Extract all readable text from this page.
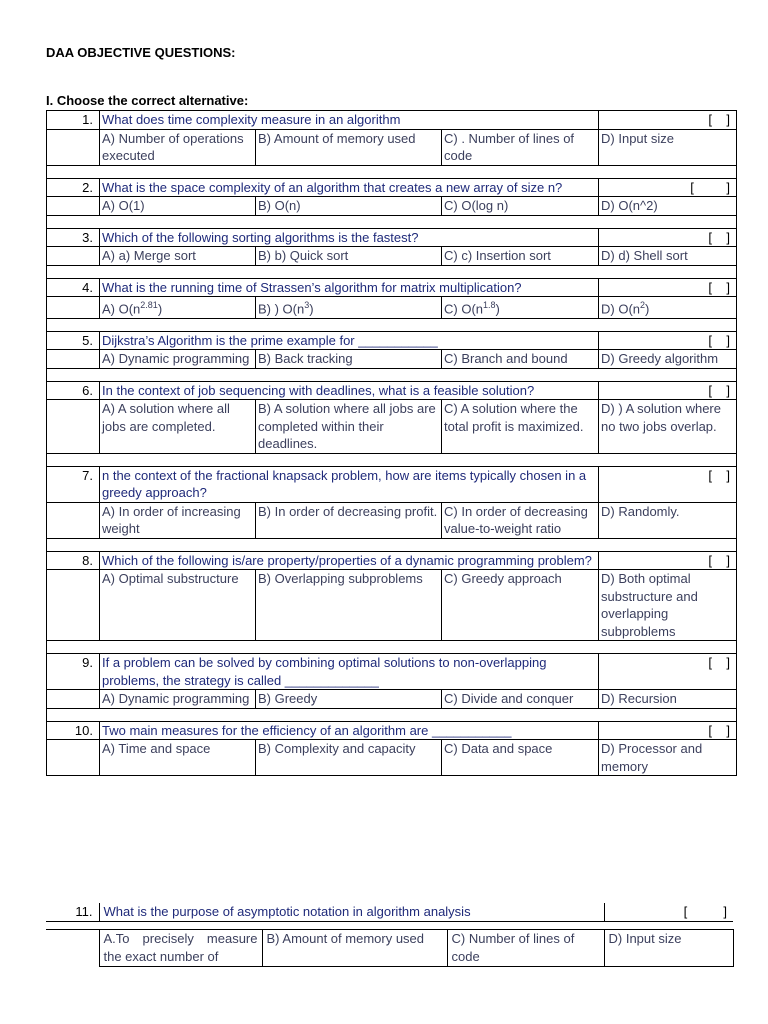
DAA OBJECTIVE QUESTIONS:
I. Choose the correct alternative:
1.	What does time complexity measure in an algorithm			[    ]
	A) Number of operations executed	B) Amount of memory used	C) . Number of lines of code	D) Input size

2.	What is the space complexity of an algorithm that creates a new array of size n?			[         ]
	A) O(1)	B) O(n)	C) O(log n)	D) O(n^2)

3.	Which of the following sorting algorithms is the fastest?			[    ]
	A) a) Merge sort	B) b) Quick sort	C) c) Insertion sort	D) d) Shell sort

4.	What is the running time of Strassen’s algorithm for matrix multiplication?			[    ]
	A) $O(n^{2.81})$	B) ) $O(n^3)$	C) $O(n^{1.8})$	D) $O(n^2)$

5.	Dijkstra’s Algorithm is the prime example for ___________			[    ]
	A) Dynamic programming	B) Back tracking	C) Branch and bound	D) Greedy algorithm

6.	In the context of job sequencing with deadlines, what is a feasible solution?			[    ]
	A) A solution where all jobs are completed.	B) A solution where all jobs are completed within their deadlines.	C) A solution where the total profit is maximized.	D) ) A solution where no two jobs overlap.

7.	n the context of the fractional knapsack problem, how are items typically chosen in a greedy approach?			[    ]
	A) In order of increasing weight	B) In order of decreasing profit.	C) In order of decreasing value-to-weight ratio	D) Randomly.

8.	Which of the following is/are property/properties of a dynamic programming problem?			[    ]
	A) Optimal substructure	B) Overlapping subproblems	C) Greedy approach	D) Both optimal substructure and overlapping subproblems

9.	If a problem can be solved by combining optimal solutions to non-overlapping problems, the strategy is called _____________			[    ]
	A) Dynamic programming	B) Greedy	C) Divide and conquer	D) Recursion

10.	Two main measures for the efficiency of an algorithm are ___________			[    ]
	A) Time and space	B) Complexity and capacity	C) Data and space	D) Processor and memory
11.	What is the purpose of asymptotic notation in algorithm analysis			[          ]

	A.To precisely measure the exact number of	B) Amount of memory used	C) Number of lines of code	D) Input size
